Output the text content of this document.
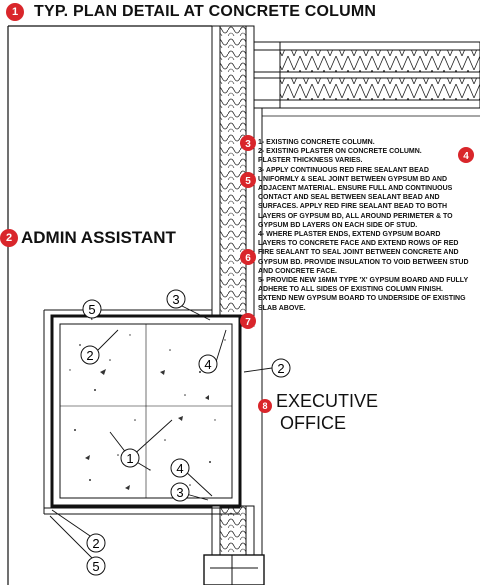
5
3
2
4	2
1
4
3
2
5
3
4
5
6
7
1 TYP. PLAN DETAIL AT CONCRETE COLUMN
2 ADMIN ASSISTANT
8 EXECUTIVE
OFFICE
1- EXISTING CONCRETE COLUMN.
2- EXISTING PLASTER ON CONCRETE COLUMN. PLASTER THICKNESS VARIES.
3- APPLY CONTINUOUS RED FIRE SEALANT BEAD UNIFORMLY & SEAL JOINT BETWEEN GYPSUM BD AND ADJACENT MATERIAL. ENSURE FULL AND CONTINUOUS CONTACT AND SEAL BETWEEN SEALANT BEAD AND SURFACES. APPLY RED FIRE SEALANT BEAD TO BOTH LAYERS OF GYPSUM BD, ALL AROUND PERIMETER & TO GYPSUM BD LAYERS ON EACH SIDE OF STUD.
4- WHERE PLASTER ENDS, EXTEND GYPSUM BOARD LAYERS TO CONCRETE FACE AND EXTEND ROWS OF RED FIRE SEALANT TO SEAL JOINT BETWEEN CONCRETE AND GYPSUM BD. PROVIDE INSULATION TO VOID BETWEEN STUD AND CONCRETE FACE.
5- PROVIDE NEW 16MM TYPE 'X' GYPSUM BOARD AND FULLY ADHERE TO ALL SIDES OF EXISTING COLUMN FINISH. EXTEND NEW GYPSUM BOARD TO UNDERSIDE OF EXISTING SLAB ABOVE.
